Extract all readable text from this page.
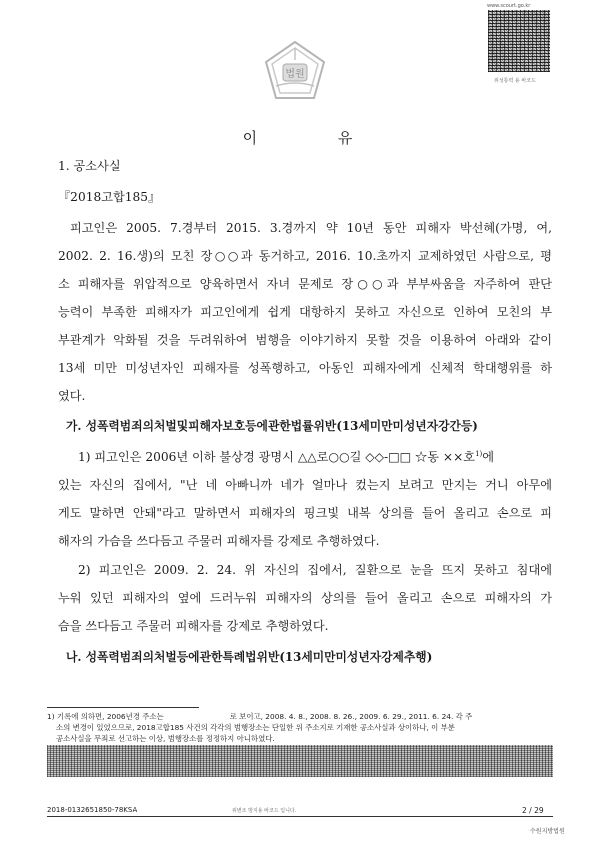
www.scourt.go.kr
위성통력 용 바코드
법원
이 유
1. 공소사실
『2018고합185』
피고인은 2005. 7.경부터 2015. 3.경까지 약 10년 동안 피해자 박선혜(가명, 여,
2002. 2. 16.생)의 모친 장○○과 동거하고, 2016. 10.초까지 교제하였던 사람으로, 평
소 피해자를 위압적으로 양육하면서 자녀 문제로 장○○과 부부싸움을 자주하여 판단
능력이 부족한 피해자가 피고인에게 쉽게 대항하지 못하고 자신으로 인하여 모친의 부
부관계가 악화될 것을 두려워하여 범행을 이야기하지 못할 것을 이용하여 아래와 같이
13세 미만 미성년자인 피해자를 성폭행하고, 아동인 피해자에게 신체적 학대행위를 하
였다.
가. 성폭력범죄의처벌및피해자보호등에관한법률위반(13세미만미성년자강간등)
1) 피고인은 2006년 이하 불상경 광명시 △△로○○길 ◇◇-□□ ☆동 ××호$^{1)}$에
있는 자신의 집에서, "난 네 아빠니까 네가 얼마나 컸는지 보려고 만지는 거니 아무에
게도 말하면 안돼"라고 말하면서 피해자의 핑크빛 내복 상의를 들어 올리고 손으로 피
해자의 가슴을 쓰다듬고 주물러 피해자를 강제로 추행하였다.
2) 피고인은 2009. 2. 24. 위 자신의 집에서, 질환으로 눈을 뜨지 못하고 침대에
누워 있던 피해자의 옆에 드러누워 피해자의 상의를 들어 올리고 손으로 피해자의 가
슴을 쓰다듬고 주물러 피해자를 강제로 추행하였다.
나. 성폭력범죄의처벌등에관한특례법위반(13세미만미성년자강제추행)
1) 기록에 의하면, 2006년경 주소는	로 보이고, 2008. 4. 8., 2008. 8. 26., 2009. 6. 29., 2011. 6. 24. 각 주
소의 변경이 있었으므로, 2018고합185 사건의 각각의 범행장소는 단일한 위 주소지로 기재한 공소사실과 상이하나, 이 부분
공소사실을 무죄로 선고하는 이상, 범행장소를 정정하지 아니하였다.
2018-0132651850-78KSA	위변조 방지용 바코드 입니다.	2 / 29
수원지방법원
